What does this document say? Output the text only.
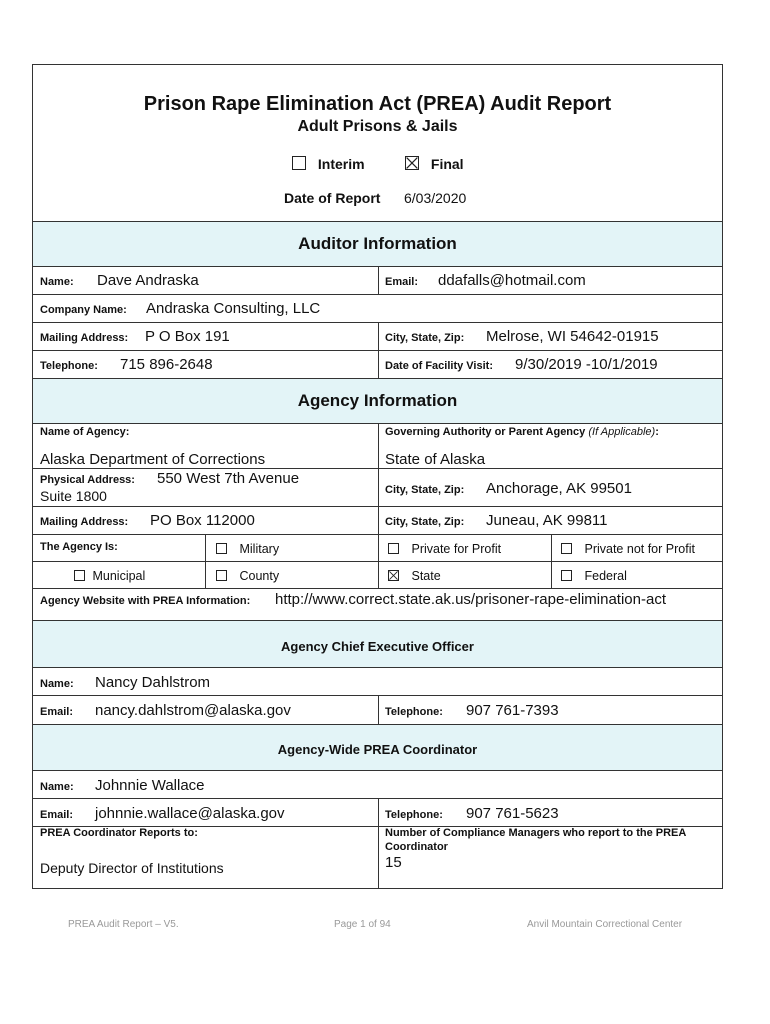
Prison Rape Elimination Act (PREA) Audit Report
Adult Prisons & Jails
Interim	Final
Date of Report 6/03/2020
Auditor Information
Name: Dave Andraska	Email: ddafalls@hotmail.com
Company Name: Andraska Consulting, LLC
Mailing Address: P O Box 191	City, State, Zip: Melrose, WI 54642-01915
Telephone: 715 896-2648	Date of Facility Visit: 9/30/2019 -10/1/2019
Agency Information
Name of Agency:
Alaska Department of Corrections
Governing Authority or Parent Agency (If Applicable):
State of Alaska
Physical Address: 550 West 7th Avenue
Suite 1800	City, State, Zip: Anchorage, AK 99501
Mailing Address: PO Box 112000	City, State, Zip: Juneau, AK 99811
The Agency Is:	Military	Private for Profit	Private not for Profit
Municipal	County	State	Federal
Agency Website with PREA Information: http://www.correct.state.ak.us/prisoner-rape-elimination-act
Agency Chief Executive Officer
Name: Nancy Dahlstrom
Email: nancy.dahlstrom@alaska.gov	Telephone: 907 761-7393
Agency-Wide PREA Coordinator
Name: Johnnie Wallace
Email: johnnie.wallace@alaska.gov	Telephone: 907 761-5623
PREA Coordinator Reports to:
Deputy Director of Institutions
Number of Compliance Managers who report to the PREA
Coordinator
15
PREA Audit Report – V5.	Page 1 of 94	Anvil Mountain Correctional Center
